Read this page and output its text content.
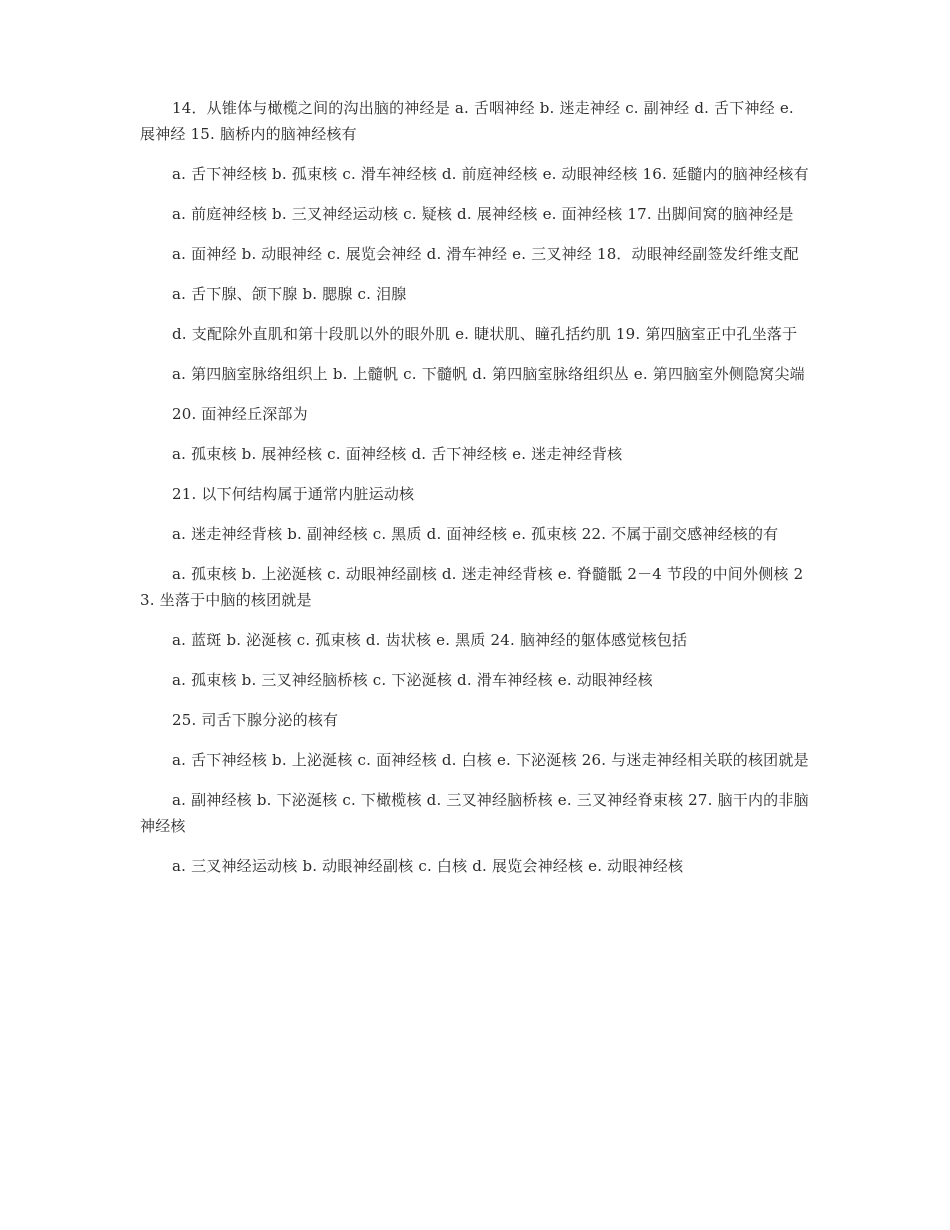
14．从锥体与橄榄之间的沟出脑的神经是 a. 舌咽神经 b. 迷走神经 c. 副神经 d. 舌下神经 e. 展神经 15. 脑桥内的脑神经核有

a. 舌下神经核 b. 孤束核 c. 滑车神经核 d. 前庭神经核 e. 动眼神经核 16. 延髓内的脑神经核有

a. 前庭神经核 b. 三叉神经运动核 c. 疑核 d. 展神经核 e. 面神经核 17. 出脚间窝的脑神经是

a. 面神经 b. 动眼神经 c. 展览会神经 d. 滑车神经 e. 三叉神经 18．动眼神经副签发纤维支配

a. 舌下腺、颌下腺 b. 腮腺 c. 泪腺

d. 支配除外直肌和第十段肌以外的眼外肌 e. 睫状肌、瞳孔括约肌 19. 第四脑室正中孔坐落于

a. 第四脑室脉络组织上 b. 上髓帆 c. 下髓帆 d. 第四脑室脉络组织丛 e. 第四脑室外侧隐窝尖端

20. 面神经丘深部为

a. 孤束核 b. 展神经核 c. 面神经核 d. 舌下神经核 e. 迷走神经背核

21. 以下何结构属于通常内脏运动核

a. 迷走神经背核 b. 副神经核 c. 黑质 d. 面神经核 e. 孤束核 22. 不属于副交感神经核的有

a. 孤束核 b. 上泌涎核 c. 动眼神经副核 d. 迷走神经背核 e. 脊髓骶 2－4 节段的中间外侧核 23. 坐落于中脑的核团就是

a. 蓝斑 b. 泌涎核 c. 孤束核 d. 齿状核 e. 黑质 24. 脑神经的躯体感觉核包括

a. 孤束核 b. 三叉神经脑桥核 c. 下泌涎核 d. 滑车神经核 e. 动眼神经核

25. 司舌下腺分泌的核有

a. 舌下神经核 b. 上泌涎核 c. 面神经核 d. 白核 e. 下泌涎核 26. 与迷走神经相关联的核团就是

a. 副神经核 b. 下泌涎核 c. 下橄榄核 d. 三叉神经脑桥核 e. 三叉神经脊束核 27. 脑干内的非脑神经核

a. 三叉神经运动核 b. 动眼神经副核 c. 白核 d. 展览会神经核 e. 动眼神经核
